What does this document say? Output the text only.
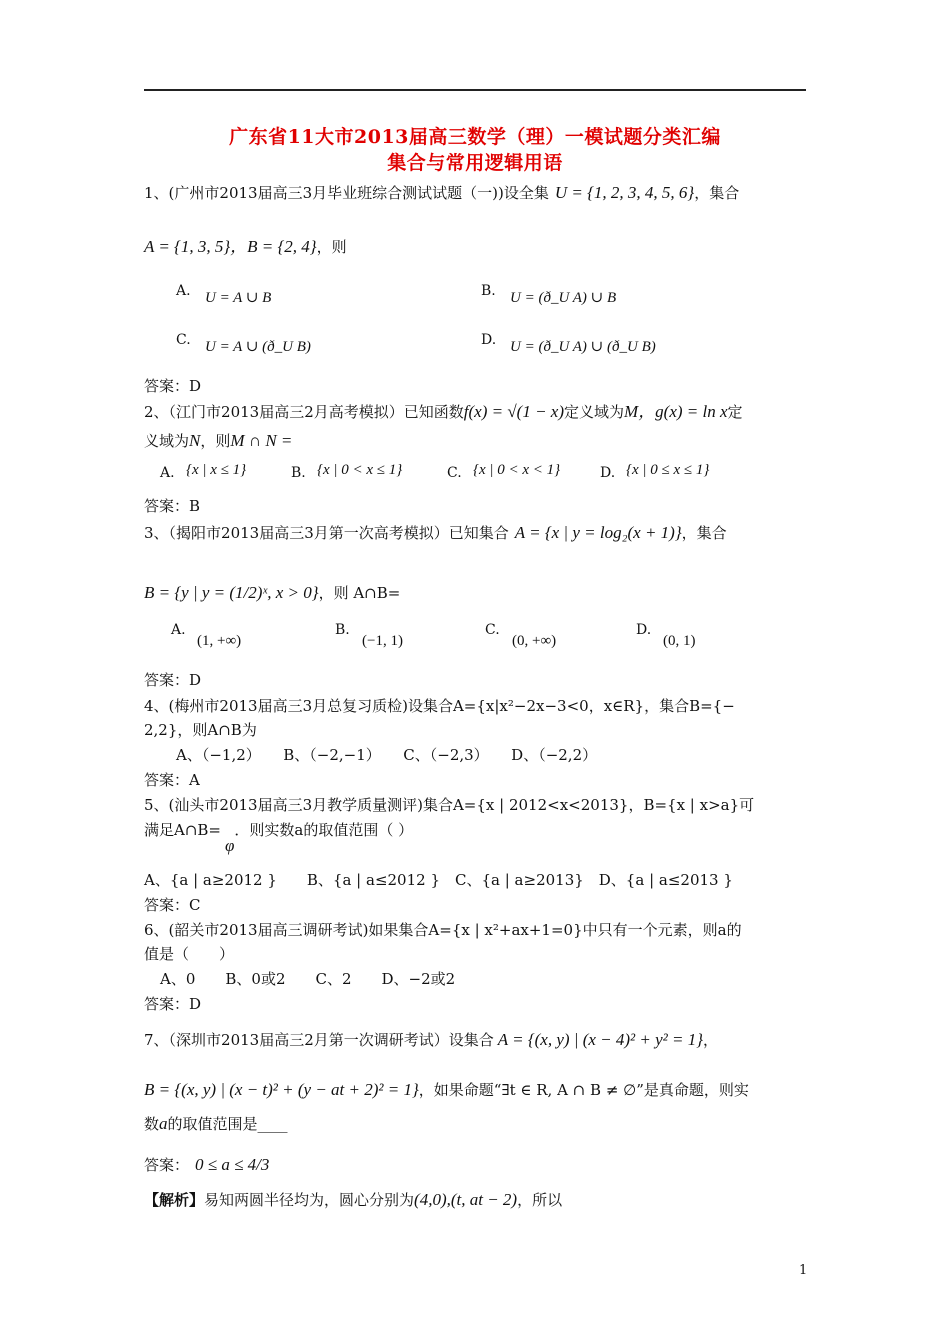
广东省11大市2013届高三数学（理）一模试题分类汇编
集合与常用逻辑用语
1、(广州市2013届高三3月毕业班综合测试试题（一))设全集 U = {1, 2, 3, 4, 5, 6}，集合
A = {1, 3, 5}，B = {2, 4}，则
A. U = A ∪ B	B. U = (ð_U A) ∪ B
C. U = A ∪ (ð_U B)	D. U = (ð_U A) ∪ (ð_U B)
答案：D
2、（江门市2013届高三2月高考模拟）已知函数f(x) = √(1 − x)定义域为M，g(x) = ln x定
义域为N，则M ∩ N =
A. {x | x ≤ 1}	B. {x | 0 < x ≤ 1}	C. {x | 0 < x < 1}	D. {x | 0 ≤ x ≤ 1}
答案：B
3、（揭阳市2013届高三3月第一次高考模拟）已知集合 A = {x | y = log₂(x + 1)}，集合
B = {y | y = (1/2)ˣ, x > 0}，则 A∩B=
A.
(1, +∞)
B.
(−1, 1)
C.
(0, +∞)
D.
(0, 1)
答案：D
4、(梅州市2013届高三3月总复习质检)设集合A={x|x²−2x−3<0，x∈R}，集合B={−
2,2}，则A∩B为
A、（−1,2）　　B、（−2,−1）　　C、（−2,3）　　D、（−2,2）
答案：A
5、(汕头市2013届高三3月教学质量测评)集合A={x | 2012<x<2013}，B={x | x>a}可
满足A∩B=φ．则实数a的取值范围（ ）
A、{a | a≥2012 }　　B、{a | a≤2012 }　C、{a | a≥2013}　D、{a | a≤2013 }
答案：C
6、(韶关市2013届高三调研考试)如果集合A={x | x²+ax+1=0}中只有一个元素，则a的
值是（　　）
A、0　　B、0或2　　C、2　　D、−2或2
答案：D
7、（深圳市2013届高三2月第一次调研考试）设集合 A = {(x, y) | (x − 4)² + y² = 1}，
B = {(x, y) | (x − t)² + (y − at + 2)² = 1}，如果命题“∃t ∈ R, A ∩ B ≠ ∅”是真命题，则实
数a的取值范围是____
答案： 0 ≤ a ≤ 4/3
【解析】易知两圆半径均为，圆心分别为(4,0),(t, at − 2)，所以
1
